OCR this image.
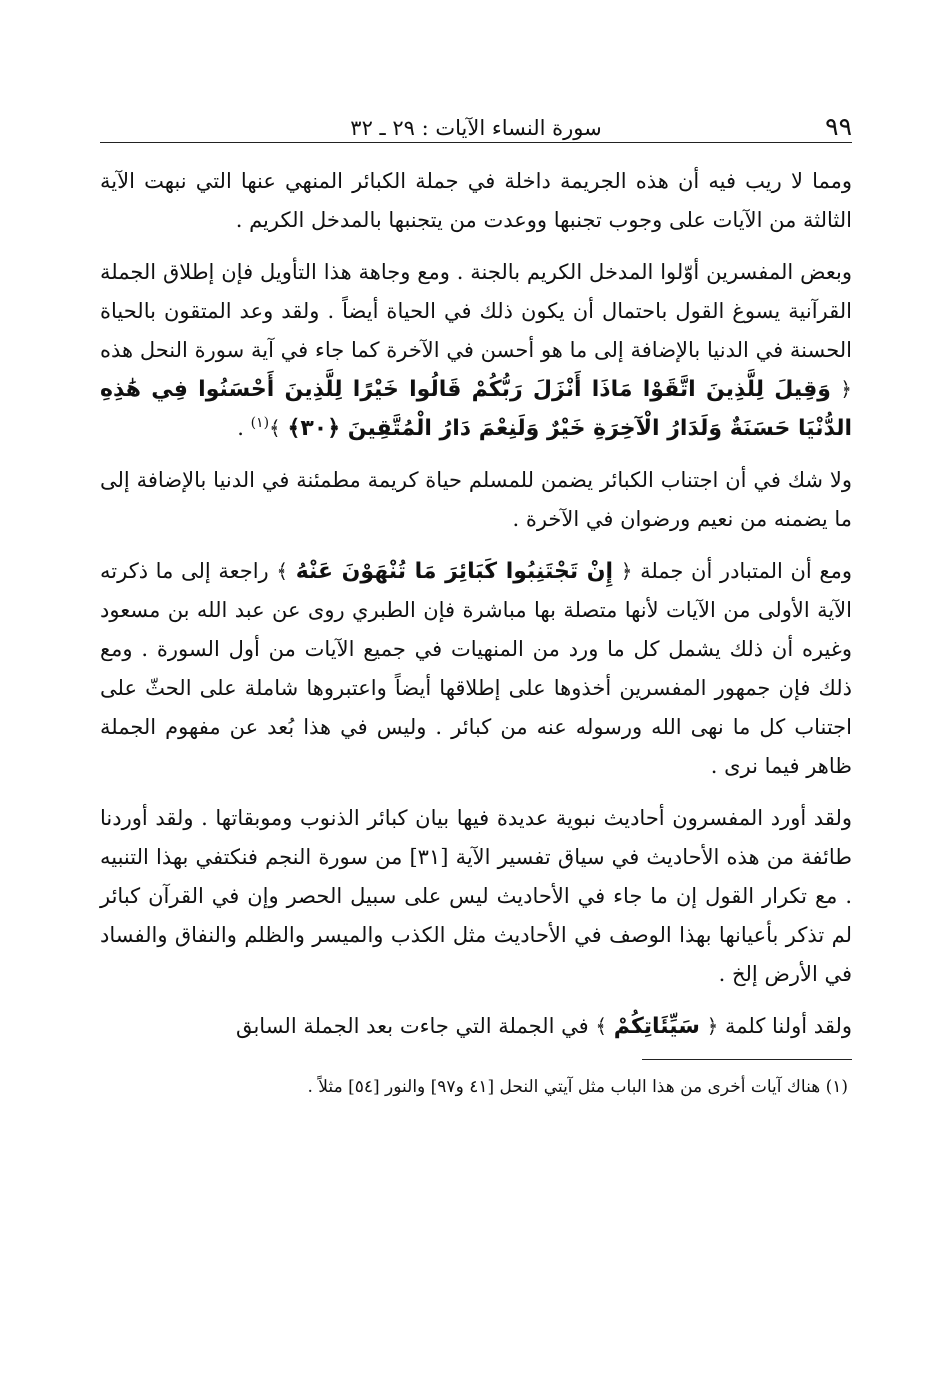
٩٩
سورة النساء الآيات : ٢٩ ـ ٣٢

ومما لا ريب فيه أن هذه الجريمة داخلة في جملة الكبائر المنهي عنها التي نبهت الآية الثالثة من الآيات على وجوب تجنبها ووعدت من يتجنبها بالمدخل الكريم .

وبعض المفسرين أوّلوا المدخل الكريم بالجنة . ومع وجاهة هذا التأويل فإن إطلاق الجملة القرآنية يسوغ القول باحتمال أن يكون ذلك في الحياة أيضاً . ولقد وعد المتقون بالحياة الحسنة في الدنيا بالإضافة إلى ما هو أحسن في الآخرة كما جاء في آية سورة النحل هذه ﴿ وَقِيلَ لِلَّذِينَ اتَّقَوْا مَاذَا أَنْزَلَ رَبُّكُمْ قَالُوا خَيْرًا لِلَّذِينَ أَحْسَنُوا فِي هَٰذِهِ الدُّنْيَا حَسَنَةٌ وَلَدَارُ الْآخِرَةِ خَيْرٌ وَلَنِعْمَ دَارُ الْمُتَّقِينَ ﴿٣٠﴾ ﴾$^{(١)}$ .

ولا شك في أن اجتناب الكبائر يضمن للمسلم حياة كريمة مطمئنة في الدنيا بالإضافة إلى ما يضمنه من نعيم ورضوان في الآخرة .

ومع أن المتبادر أن جملة ﴿ إِنْ تَجْتَنِبُوا كَبَائِرَ مَا تُنْهَوْنَ عَنْهُ ﴾ راجعة إلى ما ذكرته الآية الأولى من الآيات لأنها متصلة بها مباشرة فإن الطبري روى عن عبد الله بن مسعود وغيره أن ذلك يشمل كل ما ورد من المنهيات في جميع الآيات من أول السورة . ومع ذلك فإن جمهور المفسرين أخذوها على إطلاقها أيضاً واعتبروها شاملة على الحثّ على اجتناب كل ما نهى الله ورسوله عنه من كبائر . وليس في هذا بُعد عن مفهوم الجملة ظاهر فيما نرى .

ولقد أورد المفسرون أحاديث نبوية عديدة فيها بيان كبائر الذنوب وموبقاتها . ولقد أوردنا طائفة من هذه الأحاديث في سياق تفسير الآية [٣١] من سورة النجم فنكتفي بهذا التنبيه . مع تكرار القول إن ما جاء في الأحاديث ليس على سبيل الحصر وإن في القرآن كبائر لم تذكر بأعيانها بهذا الوصف في الأحاديث مثل الكذب والميسر والظلم والنفاق والفساد في الأرض إلخ .

ولقد أولنا كلمة ﴿ سَيِّئَاتِكُمْ ﴾ في الجملة التي جاءت بعد الجملة السابق

(١) هناك آيات أخرى من هذا الباب مثل آيتي النحل [٤١ و٩٧] والنور [٥٤] مثلاً .
